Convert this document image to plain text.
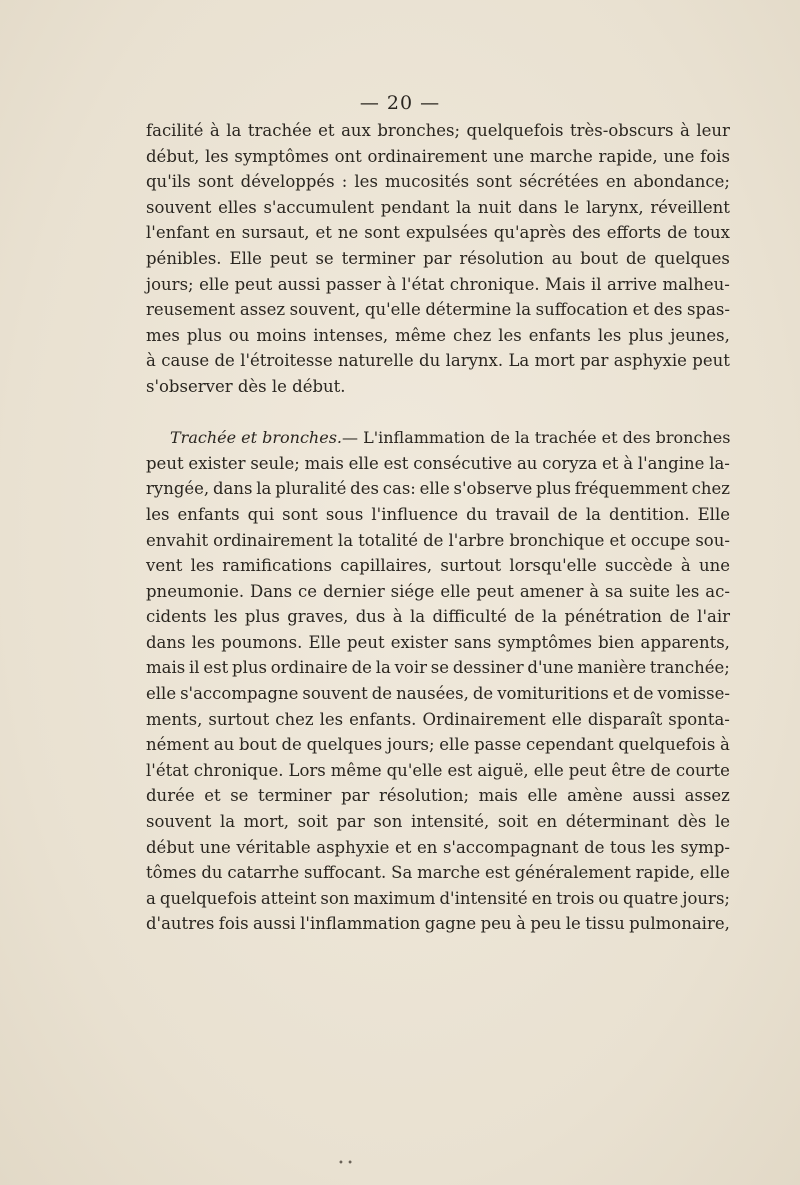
— 20 —
facilité à la trachée et aux bronches; quelquefois très-obscurs à leur
début, les symptômes ont ordinairement une marche rapide, une fois
qu'ils sont développés : les mucosités sont sécrétées en abondance;
souvent elles s'accumulent pendant la nuit dans le larynx, réveillent
l'enfant en sursaut, et ne sont expulsées qu'après des efforts de toux
pénibles. Elle peut se terminer par résolution au bout de quelques
jours; elle peut aussi passer à l'état chronique. Mais il arrive malheu-
reusement assez souvent, qu'elle détermine la suffocation et des spas-
mes plus ou moins intenses, même chez les enfants les plus jeunes,
à cause de l'étroitesse naturelle du larynx. La mort par asphyxie peut
s'observer dès le début.
Trachée et bronches. — L'inflammation de la trachée et des bronches
peut exister seule; mais elle est consécutive au coryza et à l'angine la-
ryngée, dans la pluralité des cas: elle s'observe plus fréquemment chez
les enfants qui sont sous l'influence du travail de la dentition. Elle
envahit ordinairement la totalité de l'arbre bronchique et occupe sou-
vent les ramifications capillaires, surtout lorsqu'elle succède à une
pneumonie. Dans ce dernier siége elle peut amener à sa suite les ac-
cidents les plus graves, dus à la difficulté de la pénétration de l'air
dans les poumons. Elle peut exister sans symptômes bien apparents,
mais il est plus ordinaire de la voir se dessiner d'une manière tranchée;
elle s'accompagne souvent de nausées, de vomituritions et de vomisse-
ments, surtout chez les enfants. Ordinairement elle disparaît sponta-
nément au bout de quelques jours; elle passe cependant quelquefois à
l'état chronique. Lors même qu'elle est aiguë, elle peut être de courte
durée et se terminer par résolution; mais elle amène aussi assez
souvent la mort, soit par son intensité, soit en déterminant dès le
début une véritable asphyxie et en s'accompagnant de tous les symp-
tômes du catarrhe suffocant. Sa marche est généralement rapide, elle
a quelquefois atteint son maximum d'intensité en trois ou quatre jours;
d'autres fois aussi l'inflammation gagne peu à peu le tissu pulmonaire,
• •
